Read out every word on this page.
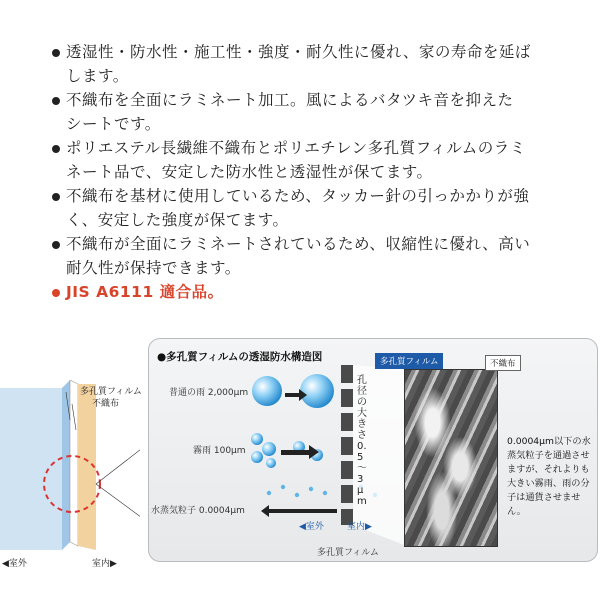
透湿性・防水性・施工性・強度・耐久性に優れ、家の寿命を延ば
します。
不織布を全面にラミネート加工。風によるバタツキ音を抑えた
シートです。
ポリエステル長繊維不織布とポリエチレン多孔質フィルムのラミ
ネート品で、安定した防水性と透湿性が保てます。
不織布を基材に使用しているため、タッカー針の引っかかりが強
く、安定した強度が保てます。
不織布が全面にラミネートされているため、収縮性に優れ、高い
耐久性が保持できます。
JIS A6111 適合品。
多孔質フィルム
不織布
◀室外	室内▶
●多孔質フィルムの透湿防水構造図
普通の雨 2,000μm
霧雨 100μm
水蒸気粒子 0.0004μm
孔径の大きさ0.5～3μm
◀室外	室内▶
多孔質フィルム
多孔質フィルム	不織布
0.0004μm以下の水蒸気粒子を通過させますが、それよりも大きい霧雨、雨の分子は通貨させません。
